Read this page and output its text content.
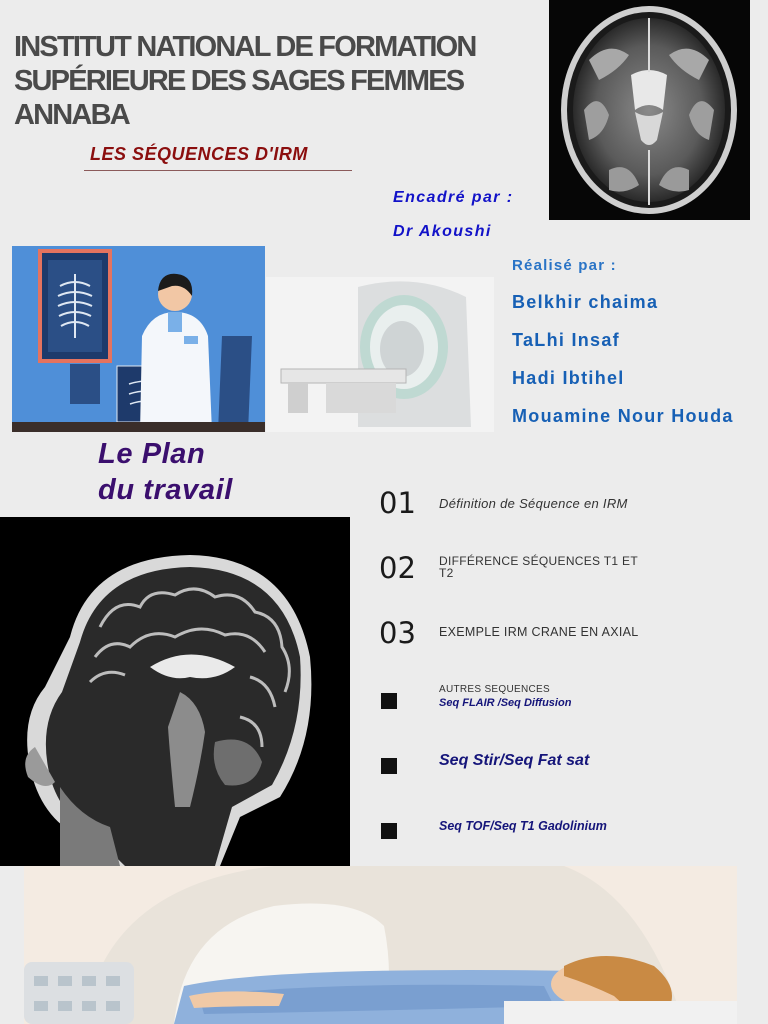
INSTITUT NATIONAL DE FORMATION
SUPÉRIEURE DES SAGES FEMMES
ANNABA
LES SÉQUENCES D'IRM
Encadré par :
Dr Akoushi
Réalisé par :
Belkhir chaima
TaLhi Insaf
Hadi Ibtihel
Mouamine Nour Houda
Le Plan
du travail	01 Définition de Séquence en IRM
02 DIFFÉRENCE SÉQUENCES T1 ET
T2
03 EXEMPLE IRM CRANE EN AXIAL
AUTRES SEQUENCES
Seq FLAIR /Seq Diffusion
Seq Stir/Seq Fat sat
Seq TOF/Seq T1 Gadolinium
